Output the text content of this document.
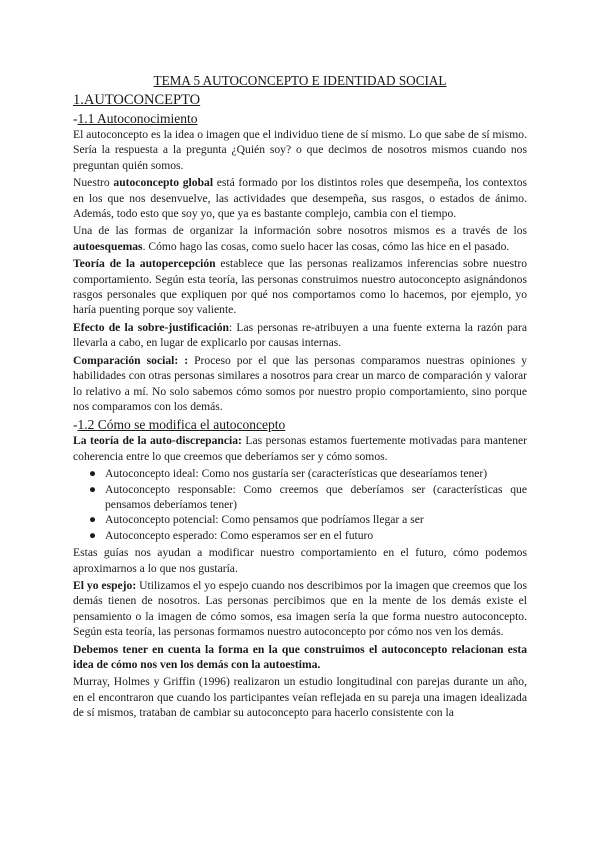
TEMA 5 AUTOCONCEPTO E IDENTIDAD SOCIAL
1.AUTOCONCEPTO
-1.1 Autoconocimiento

El autoconcepto es la idea o imagen que el individuo tiene de sí mismo. Lo que sabe de sí mismo. Sería la respuesta a la pregunta ¿Quién soy? o que decimos de nosotros mismos cuando nos preguntan quién somos.

Nuestro autoconcepto global está formado por los distintos roles que desempeña, los contextos en los que nos desenvuelve, las actividades que desempeña, sus rasgos, o estados de ánimo. Además, todo esto que soy yo, que ya es bastante complejo, cambia con el tiempo.

Una de las formas de organizar la información sobre nosotros mismos es a través de los autoesquemas. Cómo hago las cosas, como suelo hacer las cosas, cómo las hice en el pasado.

Teoría de la autopercepción establece que las personas realizamos inferencias sobre nuestro comportamiento. Según esta teoría, las personas construimos nuestro autoconcepto asignándonos rasgos personales que expliquen por qué nos comportamos como lo hacemos, por ejemplo, yo haría puenting porque soy valiente.

Efecto de la sobre-justificación: Las personas re-atribuyen a una fuente externa la razón para llevarla a cabo, en lugar de explicarlo por causas internas.

Comparación social: : Proceso por el que las personas comparamos nuestras opiniones y habilidades con otras personas similares a nosotros para crear un marco de comparación y valorar lo relativo a mí. No solo sabemos cómo somos por nuestro propio comportamiento, sino porque nos comparamos con los demás.

-1.2 Cómo se modifica el autoconcepto

La teoría de la auto-discrepancia: Las personas estamos fuertemente motivadas para mantener coherencia entre lo que creemos que deberíamos ser y cómo somos.

● Autoconcepto ideal: Como nos gustaría ser (características que desearíamos tener)
● Autoconcepto responsable: Como creemos que deberíamos ser (características que pensamos deberíamos tener)
● Autoconcepto potencial: Como pensamos que podríamos llegar a ser
● Autoconcepto esperado: Como esperamos ser en el futuro

Estas guías nos ayudan a modificar nuestro comportamiento en el futuro, cómo podemos aproximarnos a lo que nos gustaría.

El yo espejo: Utilizamos el yo espejo cuando nos describimos por la imagen que creemos que los demás tienen de nosotros. Las personas percibimos que en la mente de los demás existe el pensamiento o la imagen de cómo somos, esa imagen sería la que forma nuestro autoconcepto. Según esta teoría, las personas formamos nuestro autoconcepto por cómo nos ven los demás.

Debemos tener en cuenta la forma en la que construimos el autoconcepto relacionan esta idea de cómo nos ven los demás con la autoestima.

Murray, Holmes y Griffin (1996) realizaron un estudio longitudinal con parejas durante un año, en el encontraron que cuando los participantes veían reflejada en su pareja una imagen idealizada de sí mismos, trataban de cambiar su autoconcepto para hacerlo consistente con la
